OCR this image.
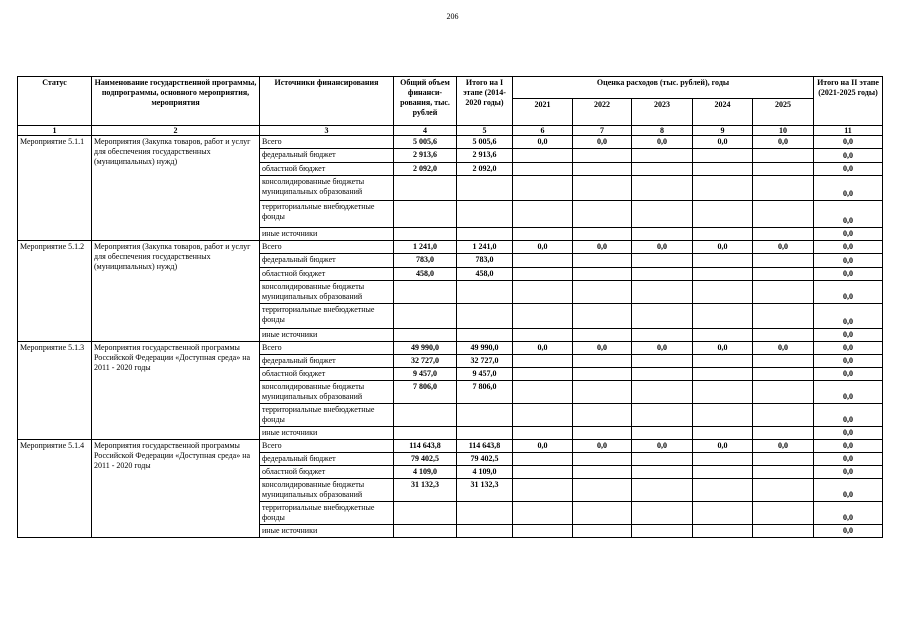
206
Статус	Наименование государственной программы, подпрограммы, основного мероприятия, мероприятия	Источники финансирования	Общий объем финанси-рования, тыс. рублей	Итого на I этапе (2014-2020 годы)	Оценка расходов (тыс. рублей), годы					Итого на II этапе (2021-2025 годы)
					2021	2022	2023	2024	2025	
1	2	3	4	5	6	7	8	9	10	11
Мероприятие 5.1.1	Мероприятия (Закупка товаров, работ и услуг для обеспечения государственных (муниципальных) нужд)	Всего	5 005,6	5 005,6	0,0	0,0	0,0	0,0	0,0	0,0
		федеральный бюджет	2 913,6	2 913,6						0,0
		областной бюджет	2 092,0	2 092,0						0,0
		консолидированные бюджеты муниципальных образований								0,0
		территориальные внебюджетные фонды								0,0
		иные источники								0,0
Мероприятие 5.1.2	Мероприятия (Закупка товаров, работ и услуг для обеспечения государственных (муниципальных) нужд)	Всего	1 241,0	1 241,0	0,0	0,0	0,0	0,0	0,0	0,0
		федеральный бюджет	783,0	783,0						0,0
		областной бюджет	458,0	458,0						0,0
		консолидированные бюджеты муниципальных образований								0,0
		территориальные внебюджетные фонды								0,0
		иные источники								0,0
Мероприятие 5.1.3	Мероприятия государственной программы Российской Федерации «Доступная среда» на 2011 - 2020 годы	Всего	49 990,0	49 990,0	0,0	0,0	0,0	0,0	0,0	0,0
		федеральный бюджет	32 727,0	32 727,0						0,0
		областной бюджет	9 457,0	9 457,0						0,0
		консолидированные бюджеты муниципальных образований	7 806,0	7 806,0						0,0
		территориальные внебюджетные фонды								0,0
		иные источники								0,0
Мероприятие 5.1.4	Мероприятия государственной программы Российской Федерации «Доступная среда» на 2011 - 2020 годы	Всего	114 643,8	114 643,8	0,0	0,0	0,0	0,0	0,0	0,0
		федеральный бюджет	79 402,5	79 402,5						0,0
		областной бюджет	4 109,0	4 109,0						0,0
		консолидированные бюджеты муниципальных образований	31 132,3	31 132,3						0,0
		территориальные внебюджетные фонды								0,0
		иные источники								0,0
